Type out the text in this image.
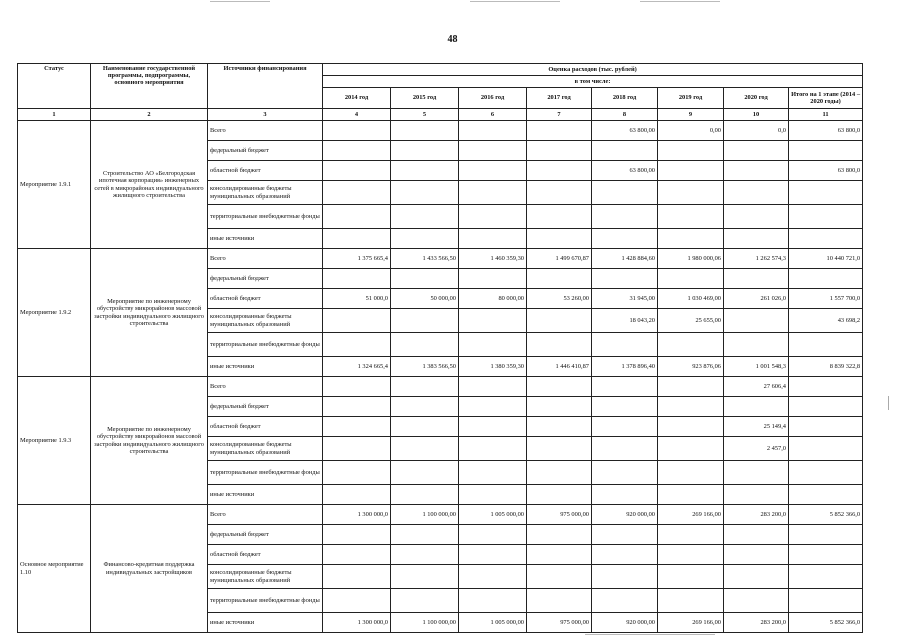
48
Статус	Наименование государственной программы, подпрограммы, основного мероприятия	Источники финансирования	Оценка расходов (тыс. рублей)							
			в том числе:							
			2014 год	2015 год	2016 год	2017 год	2018 год	2019 год	2020 год	Итого на 1 этапе (2014 – 2020 годы)
1	2	3	4	5	6	7	8	9	10	11
Мероприятие 1.9.1	Строительство АО «Белгородская ипотечная корпорация» инженерных сетей в микрорайонах индивидуального жилищного строительства	Всего					63 800,00	0,00	0,0	63 800,0
		федеральный бюджет								
		областной бюджет					63 800,00			63 800,0
		консолидированные бюджеты муниципальных образований								
		территориальные внебюджетные фонды								
		иные источники								
Мероприятие 1.9.2	Мероприятие по инженерному обустройству микрорайонов массовой застройки индивидуального жилищного строительства	Всего	1 375 665,4	1 433 566,50	1 460 359,30	1 499 670,87	1 428 884,60	1 980 000,06	1 262 574,3	10 440 721,0
		федеральный бюджет								
		областной бюджет	51 000,0	50 000,00	80 000,00	53 260,00	31 945,00	1 030 469,00	261 026,0	1 557 700,0
		консолидированные бюджеты муниципальных образований					18 043,20	25 655,00		43 698,2
		территориальные внебюджетные фонды								
		иные источники	1 324 665,4	1 383 566,50	1 380 359,30	1 446 410,87	1 378 896,40	923 876,06	1 001 548,3	8 839 322,8
Мероприятие 1.9.3	Мероприятие по инженерному обустройству микрорайонов массовой застройки индивидуального жилищного строительства	Всего							27 606,4	
		федеральный бюджет								
		областной бюджет							25 149,4	
		консолидированные бюджеты муниципальных образований							2 457,0	
		территориальные внебюджетные фонды								
		иные источники								
Основное мероприятие 1.10	Финансово-кредитная поддержка индивидуальных застройщиков	Всего	1 300 000,0	1 100 000,00	1 005 000,00	975 000,00	920 000,00	269 166,00	283 200,0	5 852 366,0
		федеральный бюджет								
		областной бюджет								
		консолидированные бюджеты муниципальных образований								
		территориальные внебюджетные фонды								
		иные источники	1 300 000,0	1 100 000,00	1 005 000,00	975 000,00	920 000,00	269 166,00	283 200,0	5 852 366,0
